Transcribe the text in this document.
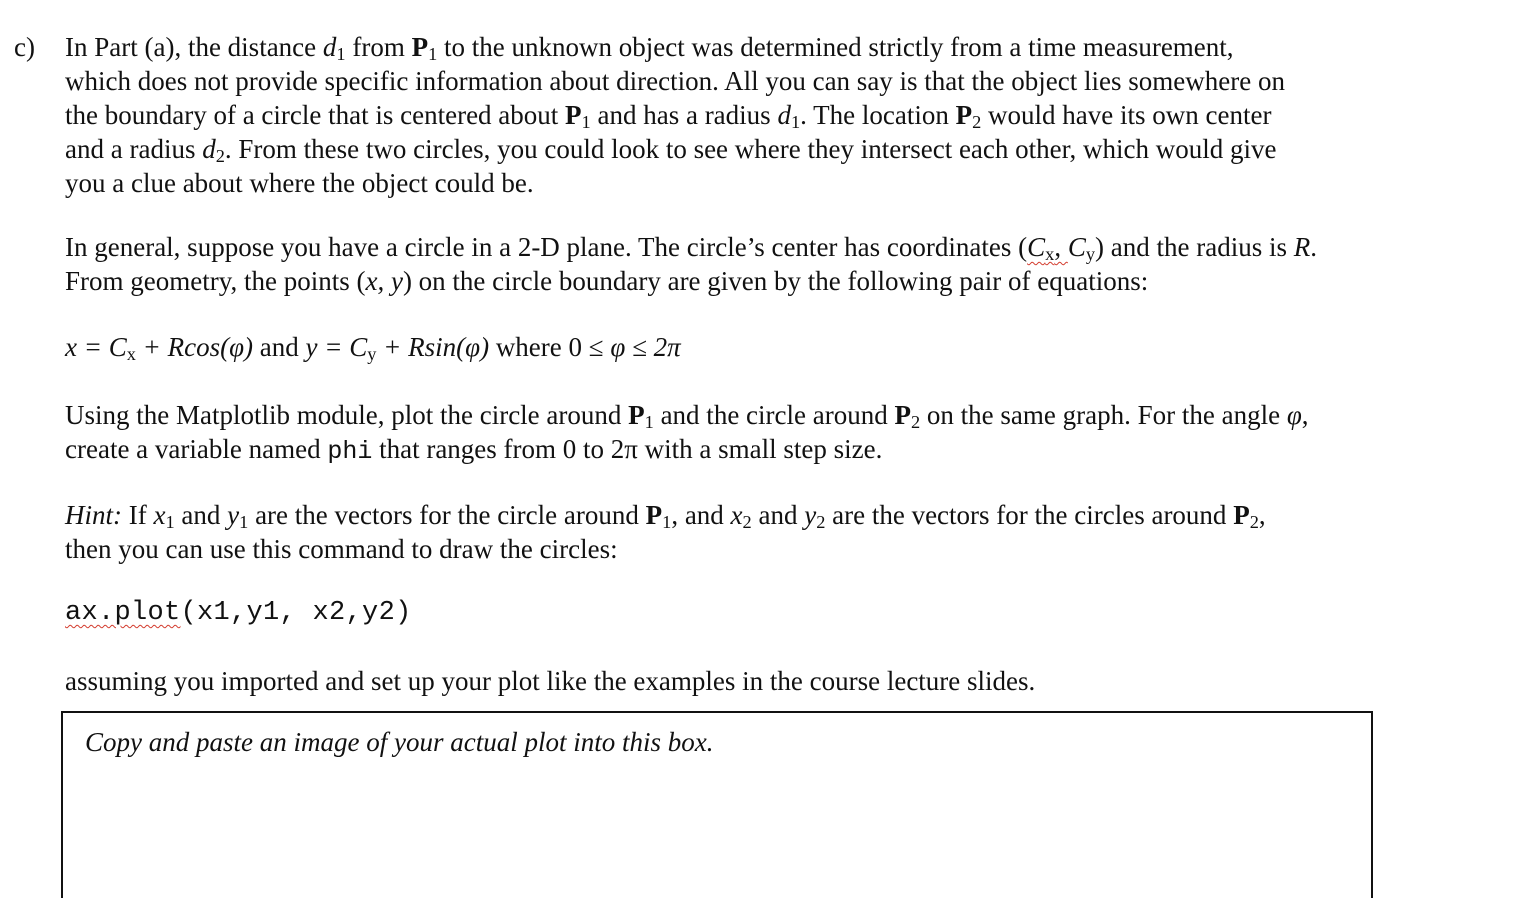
c) In Part (a), the distance $d_1$ from $P_1$ to the unknown object was determined strictly from a time measurement,
which does not provide specific information about direction. All you can say is that the object lies somewhere on
the boundary of a circle that is centered about $P_1$ and has a radius $d_1$. The location $P_2$ would have its own center
and a radius $d_2$. From these two circles, you could look to see where they intersect each other, which would give
you a clue about where the object could be.
In general, suppose you have a circle in a 2-D plane. The circle’s center has coordinates ($C_x$, $C_y$) and the radius is R.
From geometry, the points (x, y) on the circle boundary are given by the following pair of equations:
$x = C_x + Rcos(\varphi)$ and $y = C_y + Rsin(\varphi)$ where 0 ≤ φ ≤ 2π
Using the Matplotlib module, plot the circle around $P_1$ and the circle around $P_2$ on the same graph. For the angle φ,
create a variable named phi that ranges from 0 to 2π with a small step size.
Hint: If $x_1$ and $y_1$ are the vectors for the circle around $P_1$, and $x_2$ and $y_2$ are the vectors for the circles around $P_2$,
then you can use this command to draw the circles:
ax.plot(x1,y1, x2,y2)
assuming you imported and set up your plot like the examples in the course lecture slides.
Copy and paste an image of your actual plot into this box.
